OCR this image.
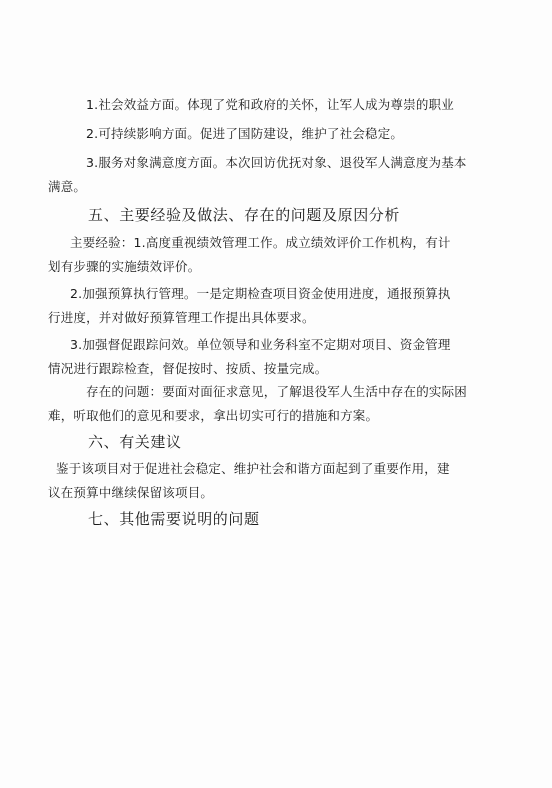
1.社会效益方面。体现了党和政府的关怀，让军人成为尊崇的职业

2.可持续影响方面。促进了国防建设，维护了社会稳定。

3.服务对象满意度方面。本次回访优抚对象、退役军人满意度为基本

满意。

五、主要经验及做法、存在的问题及原因分析

主要经验：1.高度重视绩效管理工作。成立绩效评价工作机构，有计

划有步骤的实施绩效评价。

2.加强预算执行管理。一是定期检查项目资金使用进度，通报预算执

行进度，并对做好预算管理工作提出具体要求。

3.加强督促跟踪问效。单位领导和业务科室不定期对项目、资金管理

情况进行跟踪检查，督促按时、按质、按量完成。

存在的问题：要面对面征求意见，了解退役军人生活中存在的实际困

难，听取他们的意见和要求，拿出切实可行的措施和方案。

六、有关建议

鉴于该项目对于促进社会稳定、维护社会和谐方面起到了重要作用，建

议在预算中继续保留该项目。

七、其他需要说明的问题
